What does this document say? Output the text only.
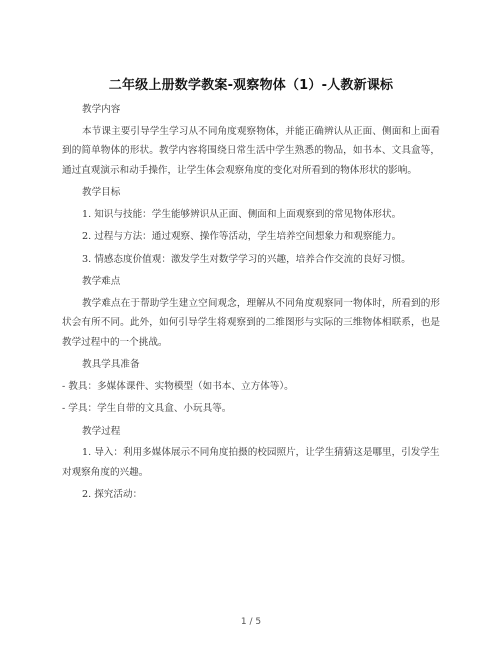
二年级上册数学教案-观察物体（1）-人教新课标

教学内容

本节课主要引导学生学习从不同角度观察物体，并能正确辨认从正面、侧面和上面看到的简单物体的形状。教学内容将围绕日常生活中学生熟悉的物品，如书本、文具盒等，通过直观演示和动手操作，让学生体会观察角度的变化对所看到的物体形状的影响。

教学目标

1. 知识与技能：学生能够辨识从正面、侧面和上面观察到的常见物体形状。

2. 过程与方法：通过观察、操作等活动，学生培养空间想象力和观察能力。

3. 情感态度价值观：激发学生对数学学习的兴趣，培养合作交流的良好习惯。

教学难点

教学难点在于帮助学生建立空间观念，理解从不同角度观察同一物体时，所看到的形状会有所不同。此外，如何引导学生将观察到的二维图形与实际的三维物体相联系，也是教学过程中的一个挑战。

教具学具准备

- 教具：多媒体课件、实物模型（如书本、立方体等）。

- 学具：学生自带的文具盒、小玩具等。

教学过程

1. 导入：利用多媒体展示不同角度拍摄的校园照片，让学生猜猜这是哪里，引发学生对观察角度的兴趣。

2. 探究活动：

1 / 5
